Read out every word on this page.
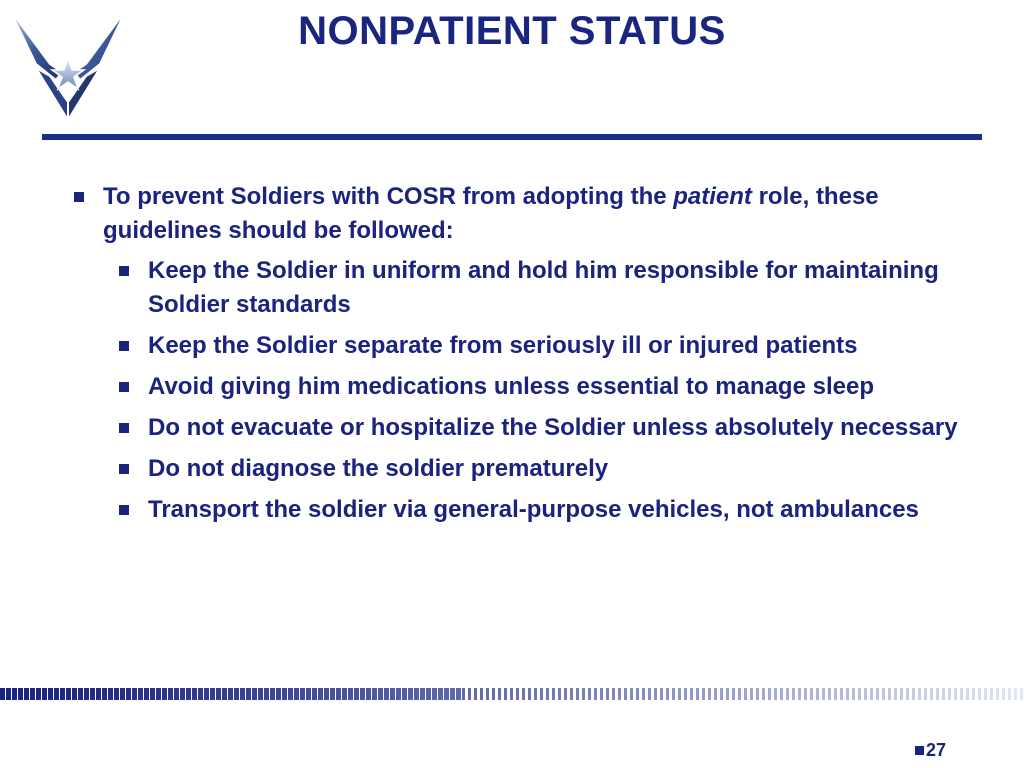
NONPATIENT STATUS
To prevent Soldiers with COSR from adopting the patient role, these guidelines should be followed:
Keep the Soldier in uniform and hold him responsible for maintaining Soldier standards
Keep the Soldier separate from seriously ill or injured patients
Avoid giving him medications unless essential to manage sleep
Do not evacuate or hospitalize the Soldier unless absolutely necessary
Do not diagnose the soldier prematurely
Transport the soldier via general-purpose vehicles, not ambulances
27
